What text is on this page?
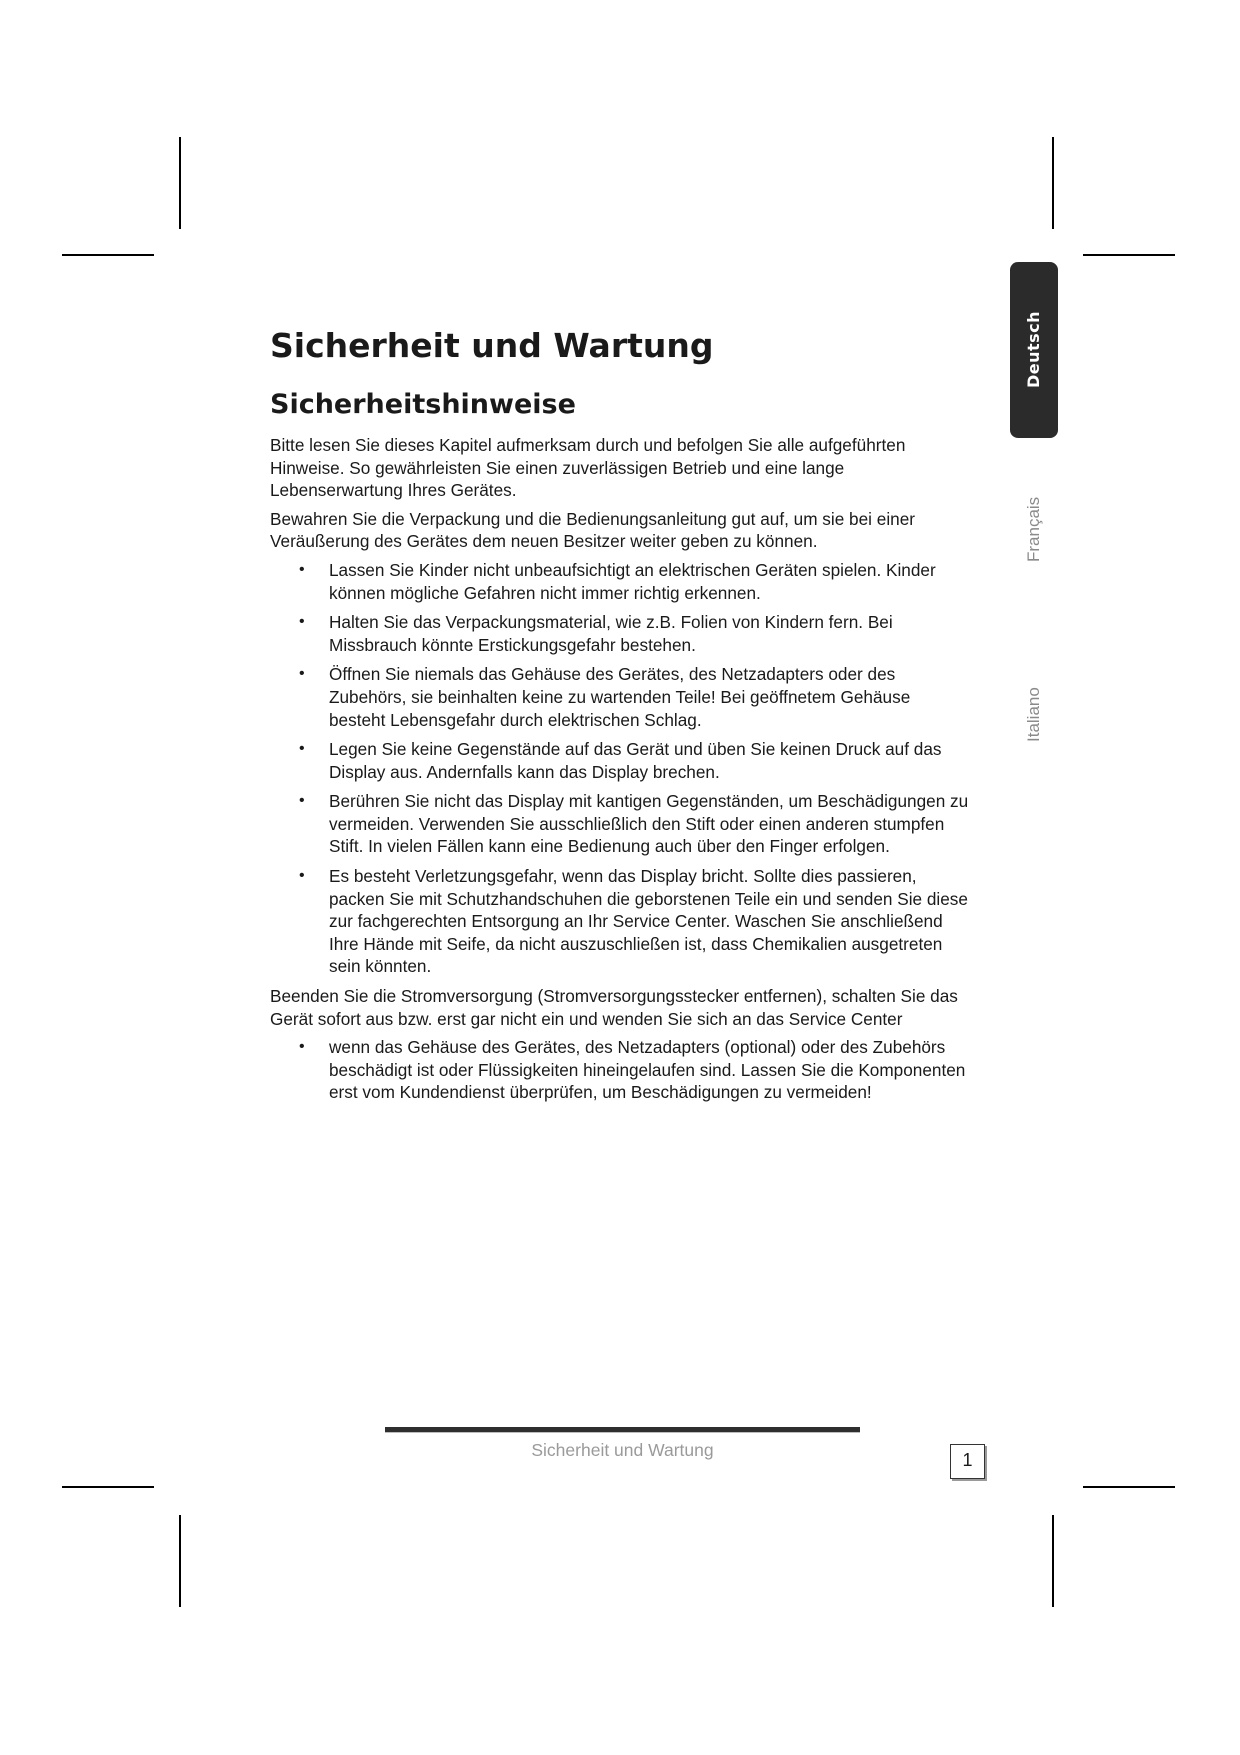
Deutsch
Français
Italiano
Sicherheit und Wartung
Sicherheitshinweise

Bitte lesen Sie dieses Kapitel aufmerksam durch und befolgen Sie alle aufgeführten Hinweise. So gewährleisten Sie einen zuverlässigen Betrieb und eine lange Lebenserwartung Ihres Gerätes.

Bewahren Sie die Verpackung und die Bedienungsanleitung gut auf, um sie bei einer Veräußerung des Gerätes dem neuen Besitzer weiter geben zu können.

• Lassen Sie Kinder nicht unbeaufsichtigt an elektrischen Geräten spielen. Kinder können mögliche Gefahren nicht immer richtig erkennen.
• Halten Sie das Verpackungsmaterial, wie z.B. Folien von Kindern fern. Bei Missbrauch könnte Erstickungsgefahr bestehen.
• Öffnen Sie niemals das Gehäuse des Gerätes, des Netzadapters oder des Zubehörs, sie beinhalten keine zu wartenden Teile! Bei geöffnetem Gehäuse besteht Lebensgefahr durch elektrischen Schlag.
• Legen Sie keine Gegenstände auf das Gerät und üben Sie keinen Druck auf das Display aus. Andernfalls kann das Display brechen.
• Berühren Sie nicht das Display mit kantigen Gegenständen, um Beschädigungen zu vermeiden. Verwenden Sie ausschließlich den Stift oder einen anderen stumpfen Stift. In vielen Fällen kann eine Bedienung auch über den Finger erfolgen.
• Es besteht Verletzungsgefahr, wenn das Display bricht. Sollte dies passieren, packen Sie mit Schutzhandschuhen die geborstenen Teile ein und senden Sie diese zur fachgerechten Entsorgung an Ihr Service Center. Waschen Sie anschließend Ihre Hände mit Seife, da nicht auszuschließen ist, dass Chemikalien ausgetreten sein könnten.

Beenden Sie die Stromversorgung (Stromversorgungsstecker entfernen), schalten Sie das Gerät sofort aus bzw. erst gar nicht ein und wenden Sie sich an das Service Center

• wenn das Gehäuse des Gerätes, des Netzadapters (optional) oder des Zubehörs beschädigt ist oder Flüssigkeiten hineingelaufen sind. Lassen Sie die Komponenten erst vom Kundendienst überprüfen, um Beschädigungen zu vermeiden!
Sicherheit und Wartung	1
